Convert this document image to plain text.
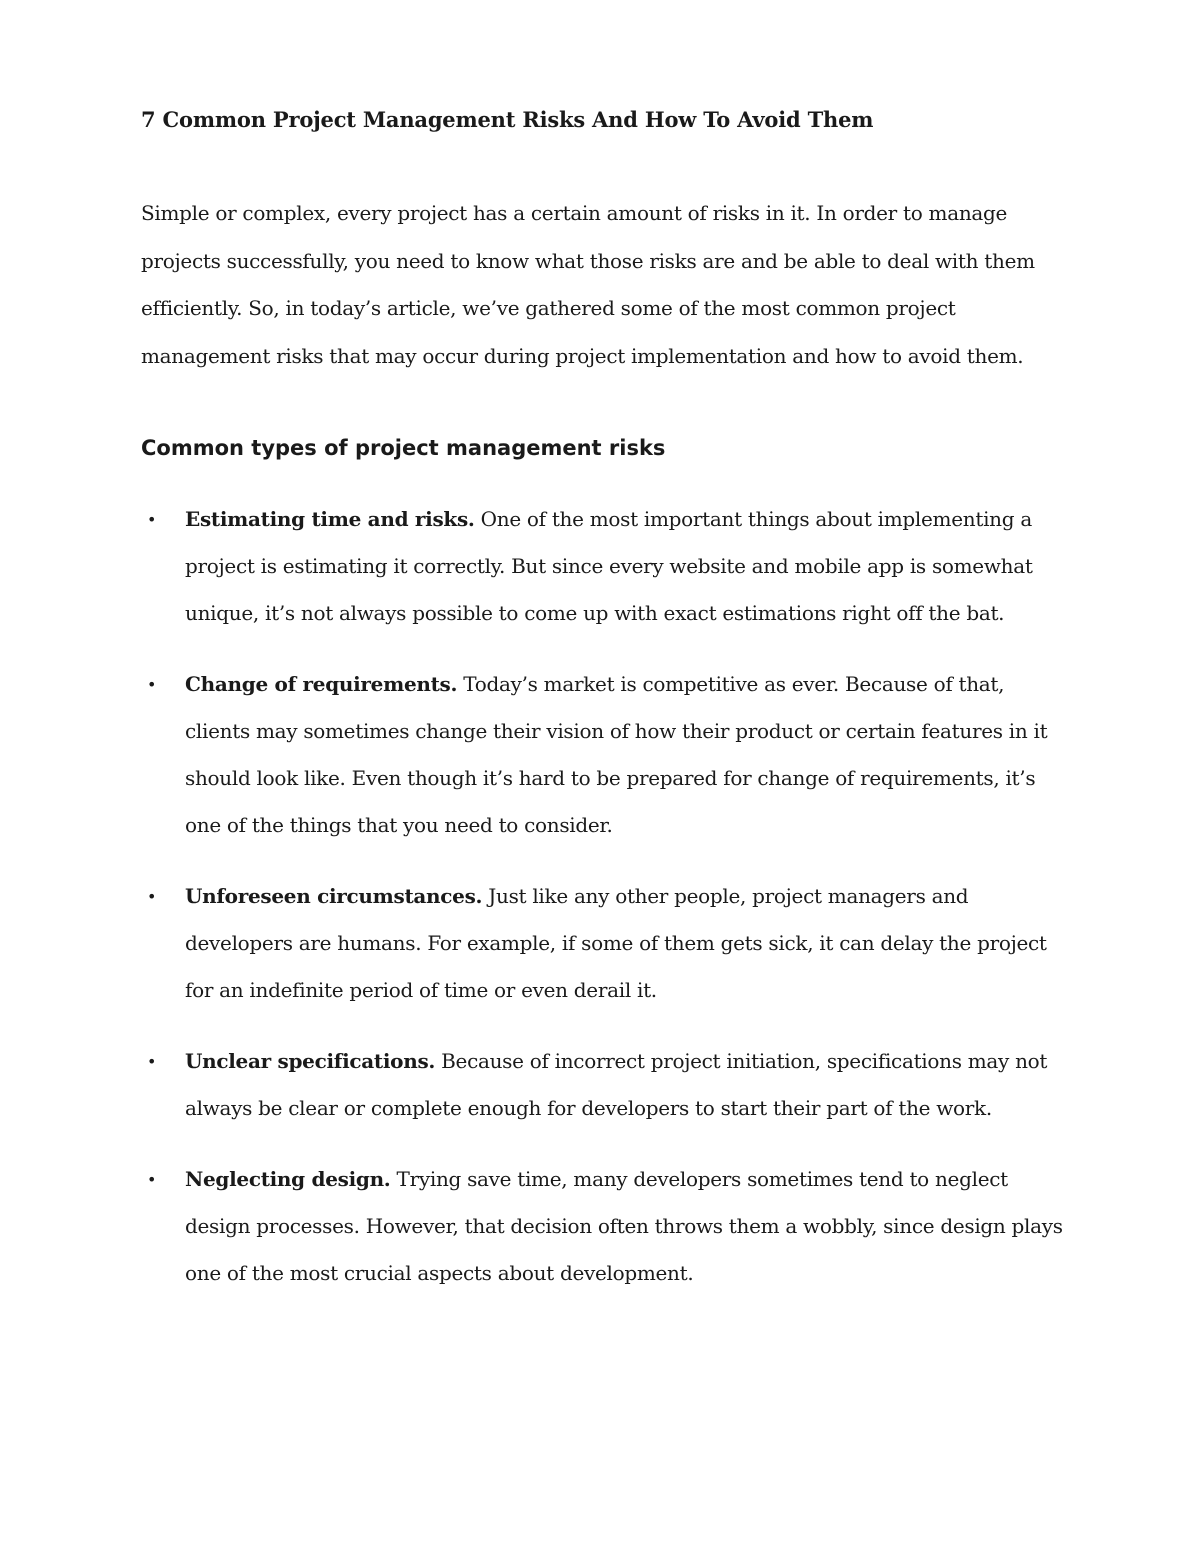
7 Common Project Management Risks And How To Avoid Them

Simple or complex, every project has a certain amount of risks in it. In order to manage projects successfully, you need to know what those risks are and be able to deal with them efficiently. So, in today’s article, we’ve gathered some of the most common project management risks that may occur during project implementation and how to avoid them.

Common types of project management risks
• Estimating time and risks. One of the most important things about implementing a project is estimating it correctly. But since every website and mobile app is somewhat unique, it’s not always possible to come up with exact estimations right off the bat.
• Change of requirements. Today’s market is competitive as ever. Because of that, clients may sometimes change their vision of how their product or certain features in it should look like. Even though it’s hard to be prepared for change of requirements, it’s one of the things that you need to consider.
• Unforeseen circumstances. Just like any other people, project managers and developers are humans. For example, if some of them gets sick, it can delay the project for an indefinite period of time or even derail it.
• Unclear specifications. Because of incorrect project initiation, specifications may not always be clear or complete enough for developers to start their part of the work.
• Neglecting design. Trying save time, many developers sometimes tend to neglect design processes. However, that decision often throws them a wobbly, since design plays one of the most crucial aspects about development.
